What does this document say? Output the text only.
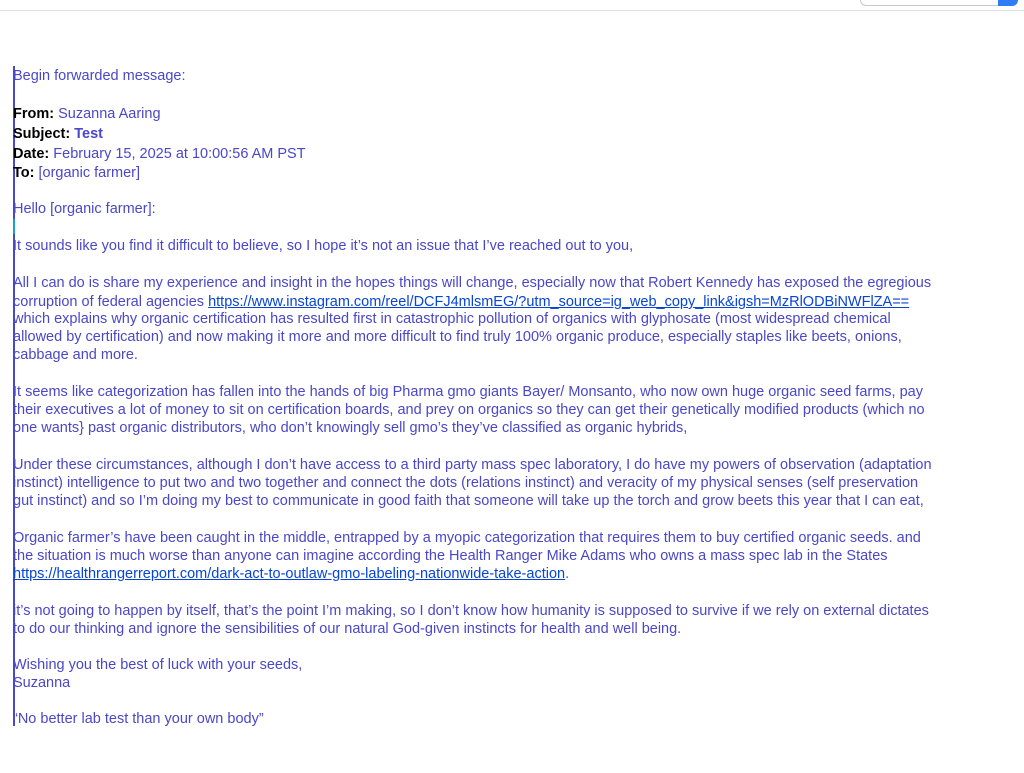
Begin forwarded message:
From: Suzanna Aaring
Subject: Test
Date: February 15, 2025 at 10:00:56 AM PST
To: [organic farmer]
Hello [organic farmer]:
It sounds like you find it difficult to believe, so I hope it’s not an issue that I’ve reached out to you,
All I can do is share my experience and insight in the hopes things will change, especially now that Robert Kennedy has exposed the egregious
corruption of federal agencies https://www.instagram.com/reel/DCFJ4mlsmEG/?utm_source=ig_web_copy_link&igsh=MzRlODBiNWFlZA==
which explains why organic certification has resulted first in catastrophic pollution of organics with glyphosate (most widespread chemical
allowed by certification) and now making it more and more difficult to find truly 100% organic produce, especially staples like beets, onions,
cabbage and more.
It seems like categorization has fallen into the hands of big Pharma gmo giants Bayer/ Monsanto, who now own huge organic seed farms, pay
their executives a lot of money to sit on certification boards, and prey on organics so they can get their genetically modified products (which no
one wants} past organic distributors, who don’t knowingly sell gmo’s they’ve classified as organic hybrids,
Under these circumstances, although I don’t have access to a third party mass spec laboratory, I do have my powers of observation (adaptation
instinct) intelligence to put two and two together and connect the dots (relations instinct) and veracity of my physical senses (self preservation
gut instinct) and so I’m doing my best to communicate in good faith that someone will take up the torch and grow beets this year that I can eat,
Organic farmer’s have been caught in the middle, entrapped by a myopic categorization that requires them to buy certified organic seeds. and
the situation is much worse than anyone can imagine according the Health Ranger Mike Adams who owns a mass spec lab in the States
https://healthrangerreport.com/dark-act-to-outlaw-gmo-labeling-nationwide-take-action.
it’s not going to happen by itself, that’s the point I’m making, so I don’t know how humanity is supposed to survive if we rely on external dictates
to do our thinking and ignore the sensibilities of our natural God-given instincts for health and well being.
Wishing you the best of luck with your seeds,
Suzanna
“No better lab test than your own body”
